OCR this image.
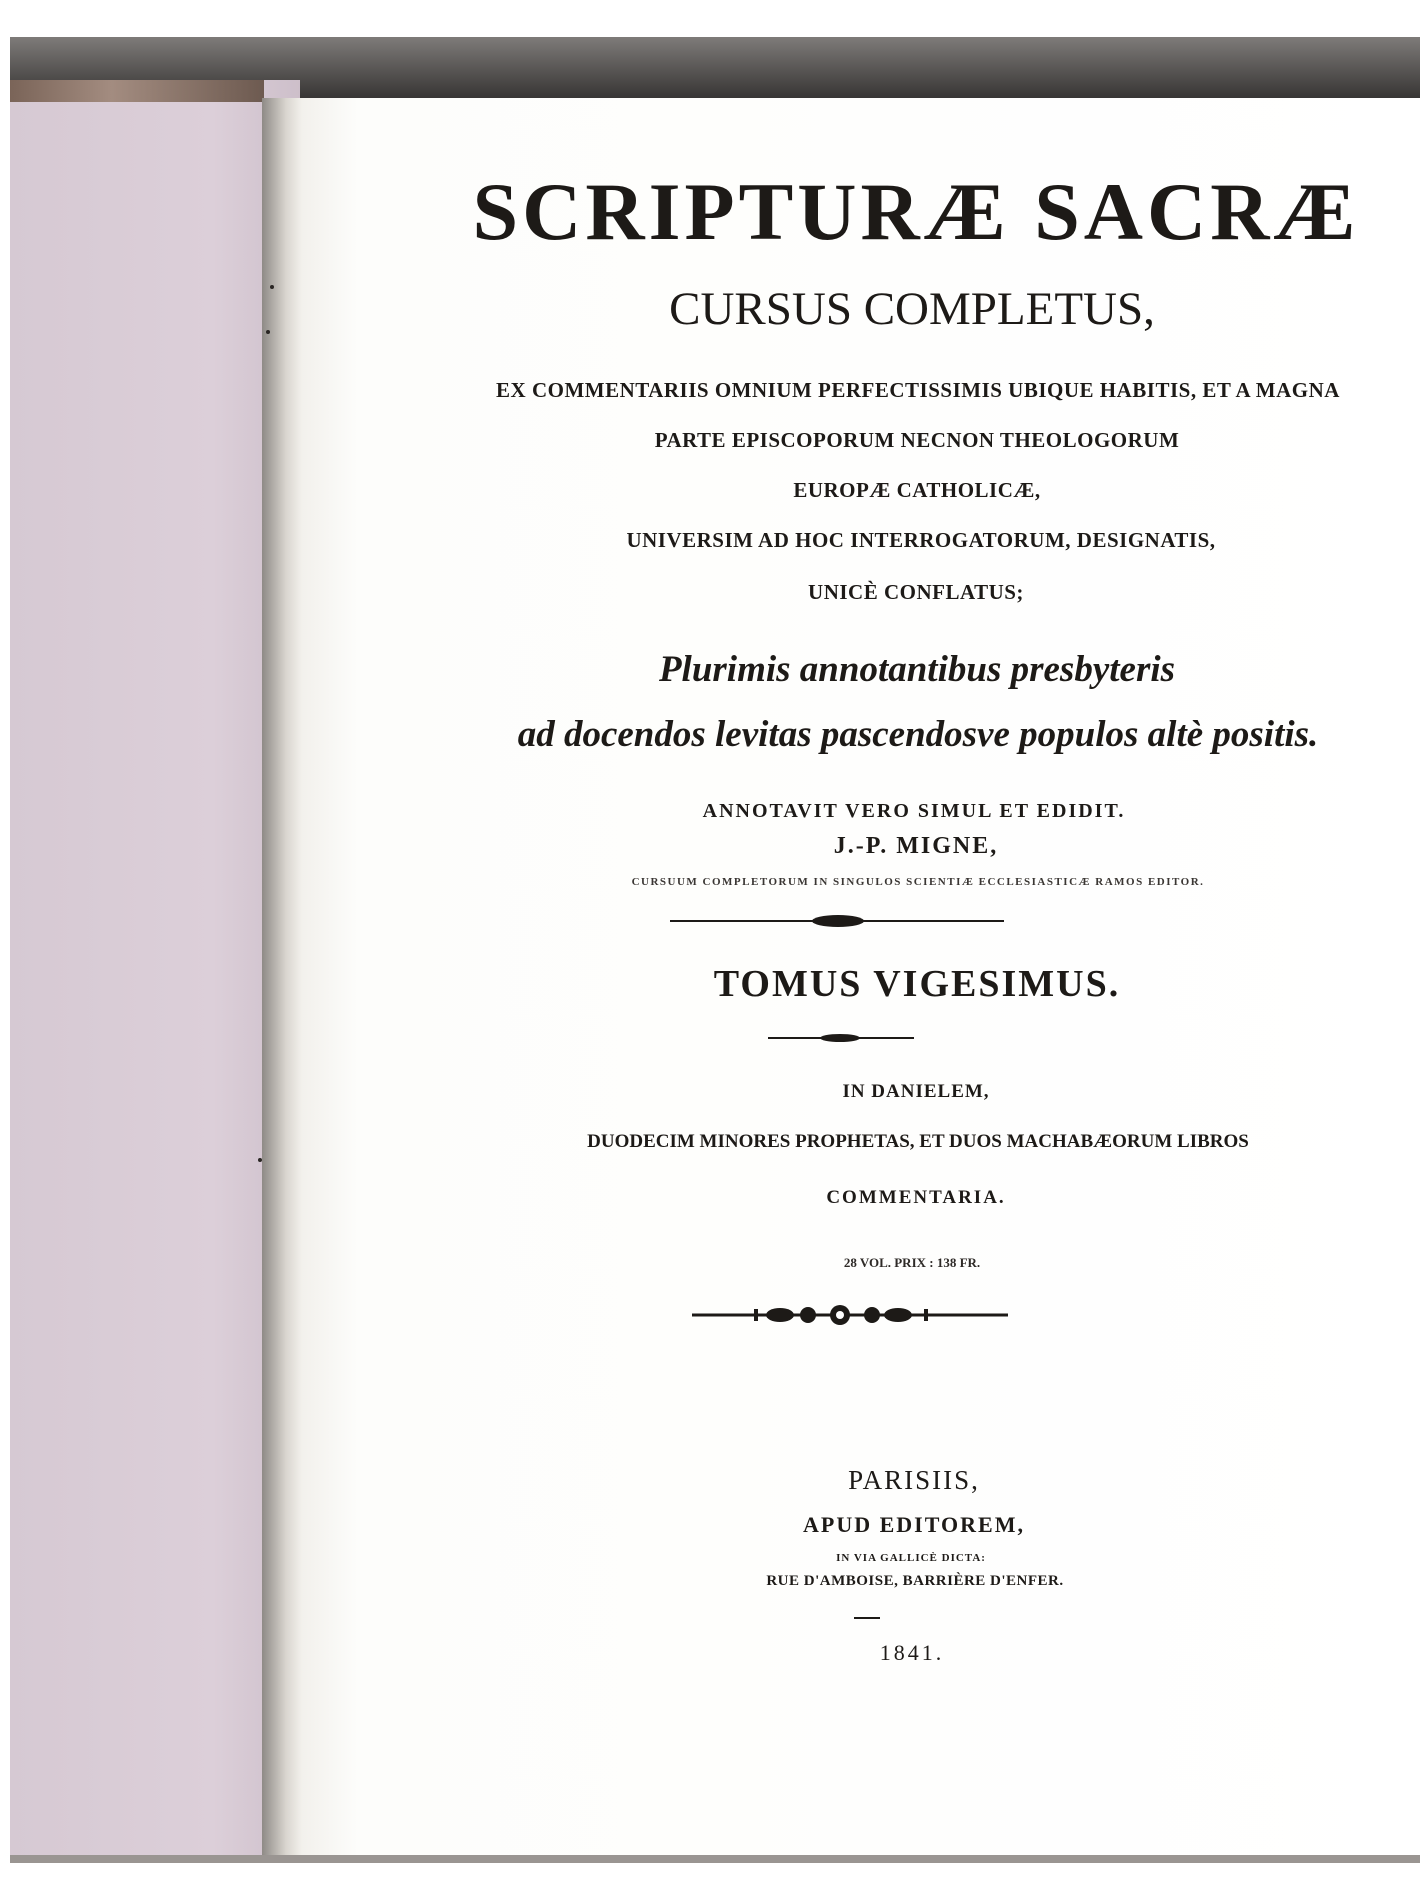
SCRIPTURÆ SACRÆ
CURSUS COMPLETUS,
EX COMMENTARIIS OMNIUM PERFECTISSIMIS UBIQUE HABITIS, ET A MAGNA
PARTE EPISCOPORUM NECNON THEOLOGORUM
EUROPÆ CATHOLICÆ,
UNIVERSIM AD HOC INTERROGATORUM, DESIGNATIS,
UNICÈ CONFLATUS;
Plurimis annotantibus presbyteris
ad docendos levitas pascendosve populos altè positis.
ANNOTAVIT VERO SIMUL ET EDIDIT.
J.-P. MIGNE,
CURSUUM COMPLETORUM IN SINGULOS SCIENTIÆ ECCLESIASTICÆ RAMOS EDITOR.
TOMUS VIGESIMUS.
IN DANIELEM,
DUODECIM MINORES PROPHETAS, ET DUOS MACHABÆORUM LIBROS
COMMENTARIA.
28 VOL. PRIX : 138 FR.
PARISIIS,
APUD EDITOREM,
IN VIA GALLICÈ DICTA:
RUE D'AMBOISE, BARRIÈRE D'ENFER.
1841.
